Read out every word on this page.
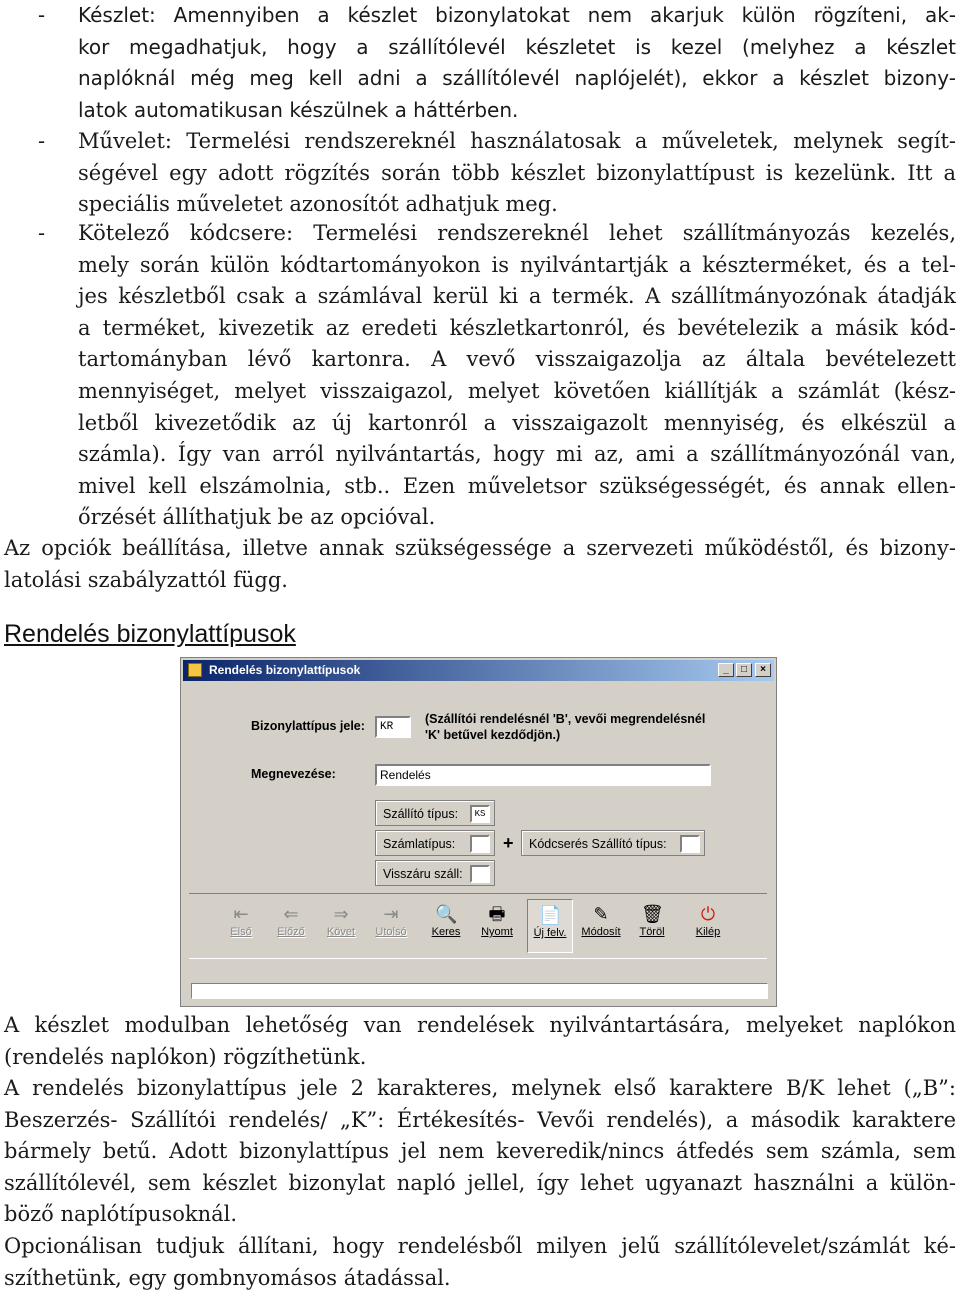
- Készlet: Amennyiben a készlet bizonylatokat nem akarjuk külön rögzíteni, ak-
kor megadhatjuk, hogy a szállítólevél készletet is kezel (melyhez a készlet
naplóknál még meg kell adni a szállítólevél naplójelét), ekkor a készlet bizony-
latok automatikusan készülnek a háttérben.
- Művelet: Termelési rendszereknél használatosak a műveletek, melynek segít-
ségével egy adott rögzítés során több készlet bizonylattípust is kezelünk. Itt a
speciális műveletet azonosítót adhatjuk meg.
- Kötelező kódcsere: Termelési rendszereknél lehet szállítmányozás kezelés,
mely során külön kódtartományokon is nyilvántartják a készterméket, és a tel-
jes készletből csak a számlával kerül ki a termék. A szállítmányozónak átadják
a terméket, kivezetik az eredeti készletkartonról, és bevételezik a másik kód-
tartományban lévő kartonra. A vevő visszaigazolja az általa bevételezett
mennyiséget, melyet visszaigazol, melyet követően kiállítják a számlát (kész-
letből kivezetődik az új kartonról a visszaigazolt mennyiség, és elkészül a
számla). Így van arról nyilvántartás, hogy mi az, ami a szállítmányozónál van,
mivel kell elszámolnia, stb.. Ezen műveletsor szükségességét, és annak ellen-
őrzését állíthatjuk be az opcióval.
Az opciók beállítása, illetve annak szükségessége a szervezeti működéstől, és bizony-
latolási szabályzattól függ.
Rendelés bizonylattípusok
Rendelés bizonylattípusok	_	□	×
Bizonylattípus jele:	KR
(Szállítói rendelésnél 'B', vevői megrendelésnél
'K' betűvel kezdődjön.)
Megnevezése:	Rendelés
Szállító típus:	KS
Számlatípus:	+	Kódcserés Szállító típus:
Visszáru száll:
⇤
Első
⇐
Előző
⇒
Követ
⇥
Utolsó
🔍
Keres
🖶
Nyomt
📄
Új felv.
✎
Módosít
🗑
Töröl
⏻
Kilép
A készlet modulban lehetőség van rendelések nyilvántartására, melyeket naplókon
(rendelés naplókon) rögzíthetünk.
A rendelés bizonylattípus jele 2 karakteres, melynek első karaktere B/K lehet („B”:
Beszerzés- Szállítói rendelés/ „K”: Értékesítés- Vevői rendelés), a második karaktere
bármely betű. Adott bizonylattípus jel nem keveredik/nincs átfedés sem számla, sem
szállítólevél, sem készlet bizonylat napló jellel, így lehet ugyanazt használni a külön-
böző naplótípusoknál.
Opcionálisan tudjuk állítani, hogy rendelésből milyen jelű szállítólevelet/számlát ké-
szíthetünk, egy gombnyomásos átadással.
